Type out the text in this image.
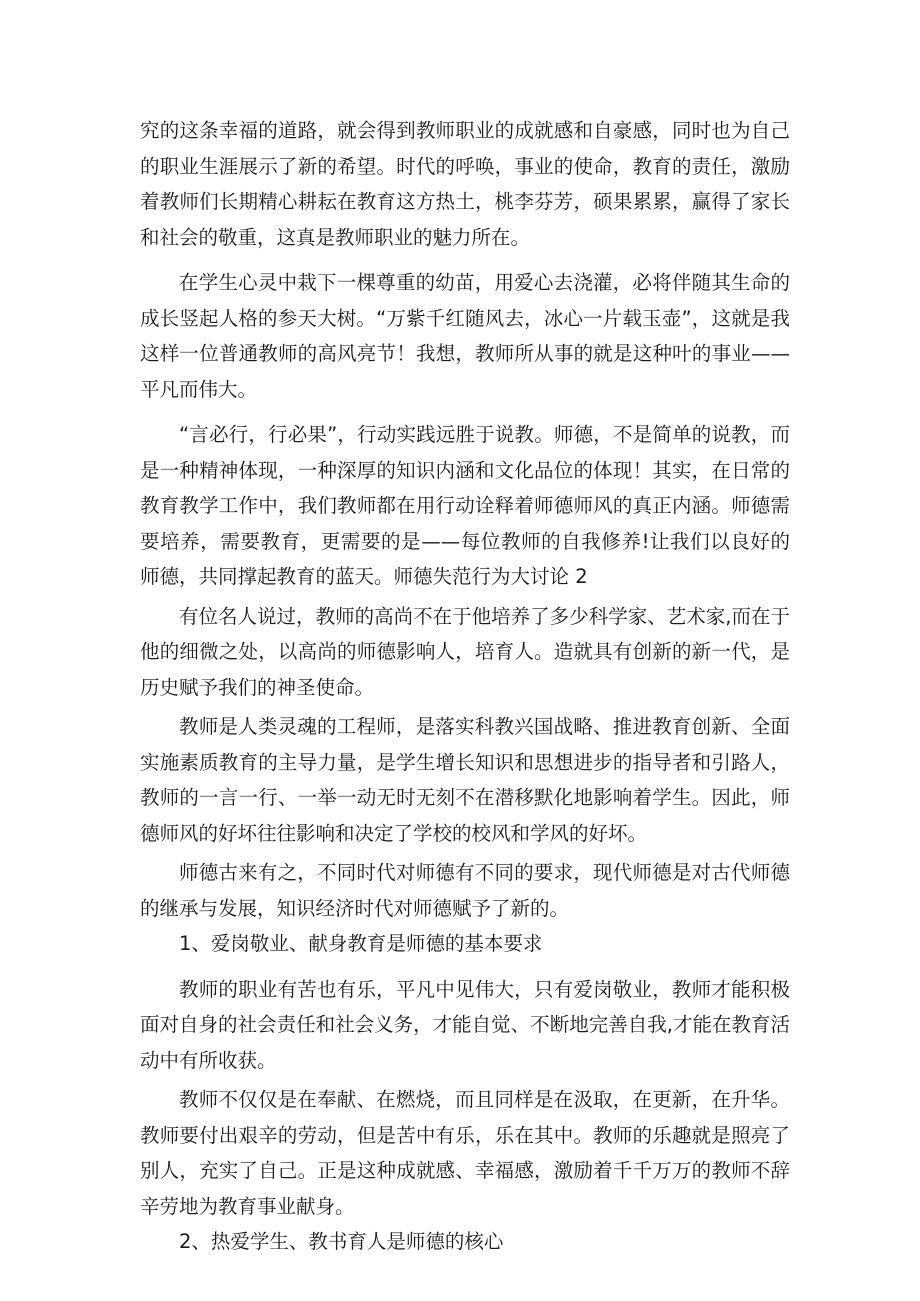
究的这条幸福的道路，就会得到教师职业的成就感和自豪感，同时也为自己的职业生涯展示了新的希望。时代的呼唤，事业的使命，教育的责任，激励着教师们长期精心耕耘在教育这方热土，桃李芬芳，硕果累累，赢得了家长和社会的敬重，这真是教师职业的魅力所在。

在学生心灵中栽下一棵尊重的幼苗，用爱心去浇灌，必将伴随其生命的成长竖起人格的参天大树。“万紫千红随风去，冰心一片载玉壶”，这就是我这样一位普通教师的高风亮节！我想，教师所从事的就是这种叶的事业——平凡而伟大。

“言必行，行必果”，行动实践远胜于说教。师德，不是简单的说教，而是一种精神体现，一种深厚的知识内涵和文化品位的体现！其实，在日常的教育教学工作中，我们教师都在用行动诠释着师德师风的真正内涵。师德需要培养，需要教育，更需要的是——每位教师的自我修养!让我们以良好的师德，共同撑起教育的蓝天。师德失范行为大讨论 2

有位名人说过，教师的高尚不在于他培养了多少科学家、艺术家,而在于他的细微之处，以高尚的师德影响人，培育人。造就具有创新的新一代，是历史赋予我们的神圣使命。

教师是人类灵魂的工程师，是落实科教兴国战略、推进教育创新、全面实施素质教育的主导力量，是学生增长知识和思想进步的指导者和引路人，教师的一言一行、一举一动无时无刻不在潜移默化地影响着学生。因此，师德师风的好坏往往影响和决定了学校的校风和学风的好坏。

师德古来有之，不同时代对师德有不同的要求，现代师德是对古代师德的继承与发展，知识经济时代对师德赋予了新的。

1、爱岗敬业、献身教育是师德的基本要求

教师的职业有苦也有乐，平凡中见伟大，只有爱岗敬业，教师才能积极面对自身的社会责任和社会义务，才能自觉、不断地完善自我,才能在教育活动中有所收获。

教师不仅仅是在奉献、在燃烧，而且同样是在汲取，在更新，在升华。教师要付出艰辛的劳动，但是苦中有乐，乐在其中。教师的乐趣就是照亮了别人，充实了自己。正是这种成就感、幸福感，激励着千千万万的教师不辞辛劳地为教育事业献身。

2、热爱学生、教书育人是师德的核心
